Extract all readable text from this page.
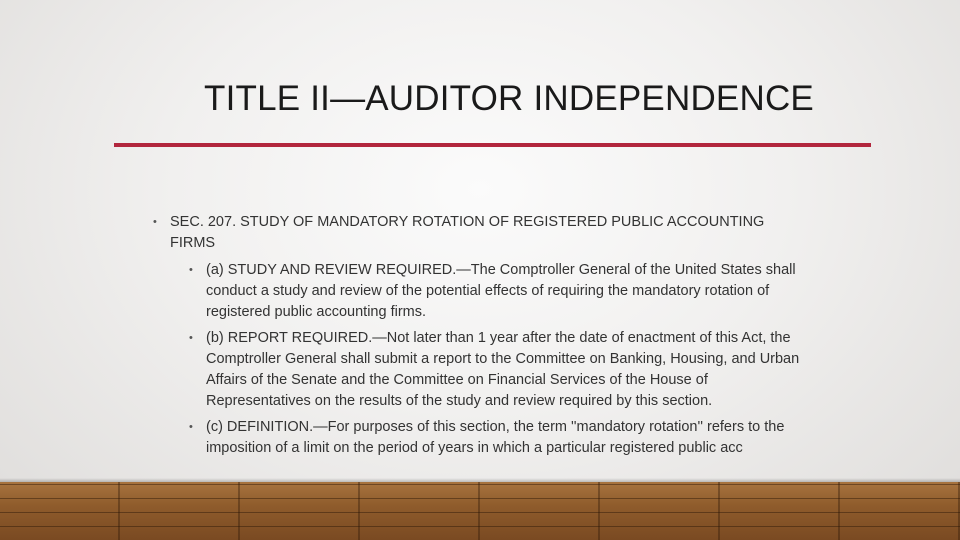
TITLE II—AUDITOR INDEPENDENCE
• SEC. 207. STUDY OF MANDATORY ROTATION OF REGISTERED PUBLIC ACCOUNTING
FIRMS
• (a) STUDY AND REVIEW REQUIRED.—The Comptroller General of the United States shall
conduct a study and review of the potential effects of requiring the mandatory rotation of
registered public accounting firms.
• (b) REPORT REQUIRED.—Not later than 1 year after the date of enactment of this Act, the
Comptroller General shall submit a report to the Committee on Banking, Housing, and Urban
Affairs of the Senate and the Committee on Financial Services of the House of
Representatives on the results of the study and review required by this section.
• (c) DEFINITION.—For purposes of this section, the term ''mandatory rotation'' refers to the
imposition of a limit on the period of years in which a particular registered public acc
